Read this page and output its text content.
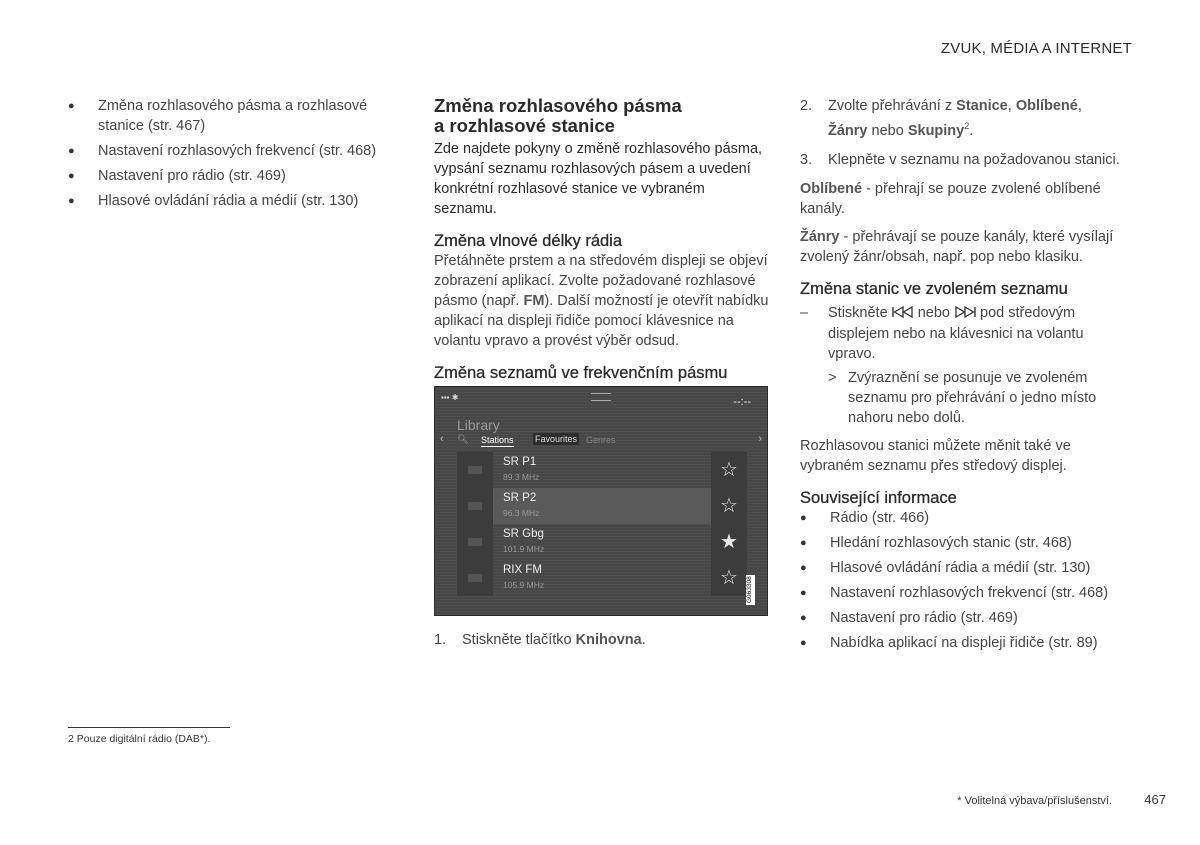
ZVUK, MÉDIA A INTERNET
● Změna rozhlasového pásma a rozhlasové stanice (str. 467)
● Nastavení rozhlasových frekvencí (str. 468)
● Nastavení pro rádio (str. 469)
● Hlasové ovládání rádia a médií (str. 130)
Změna rozhlasového pásma
a rozhlasové stanice

Zde najdete pokyny o změně rozhlasového pásma, vypsání seznamu rozhlasových pásem a uvedení konkrétní rozhlasové stanice ve vybraném seznamu.

Změna vlnové délky rádia

Přetáhněte prstem a na středovém displeji se objeví zobrazení aplikací. Zvolte požadované rozhlasové pásmo (např. FM). Další možností je otevřít nabídku aplikací na displeji řidiče pomocí klávesnice na volantu vpravo a provést výběr odsud.

Změna seznamů ve frekvenčním pásmu
▪▪▪ ✱	--:--
Library
‹	›
🔍︎ Stations Favourites Genres
SR P1
89.3 MHz	☆
SR P2
96.3 MHz	☆
SR Gbg
101.9 MHz	★
RIX FM
105.9 MHz	☆	G063308
1. Stiskněte tlačítko Knihovna.
2. Zvolte přehrávání z Stanice, Oblíbené,
Žánry nebo Skupiny$^2$.
3. Klepněte v seznamu na požadovanou stanici.

Oblíbené - přehrají se pouze zvolené oblíbené kanály.

Žánry - přehrávají se pouze kanály, které vysílají zvolený žánr/obsah, např. pop nebo klasiku.

Změna stanic ve zvoleném seznamu
– Stiskněte  nebo  pod středovým displejem nebo na klávesnici na volantu vpravo.
> Zvýraznění se posunuje ve zvoleném seznamu pro přehrávání o jedno místo nahoru nebo dolů.

Rozhlasovou stanici můžete měnit také ve vybraném seznamu přes středový displej.

Související informace
● Rádio (str. 466)
● Hledání rozhlasových stanic (str. 468)
● Hlasové ovládání rádia a médií (str. 130)
● Nastavení rozhlasových frekvencí (str. 468)
● Nastavení pro rádio (str. 469)
● Nabídka aplikací na displeji řidiče (str. 89)
2 Pouze digitální rádio (DAB*).
* Volitelná výbava/příslušenství. 467
